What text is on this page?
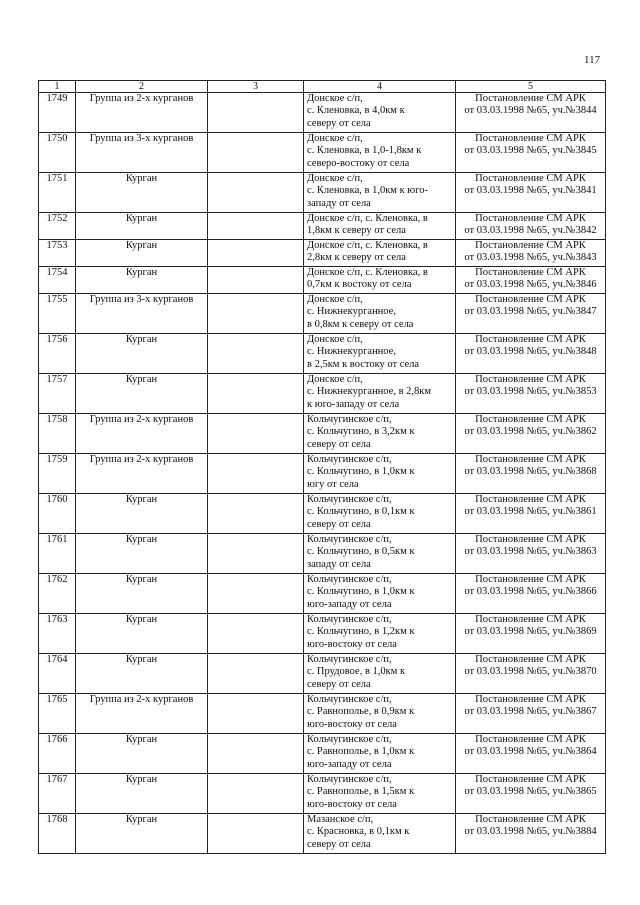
117
1	2	3	4	5
1749	Группа из 2-х курганов		Донское с/п,
с. Кленовка, в 4,0км к
северу от села	Постановление СМ АРК
от 03.03.1998 №65, уч.№3844

1750	Группа из 3-х курганов		Донское с/п,
с. Кленовка, в 1,0-1,8км к
северо-востоку от села	Постановление СМ АРК
от 03.03.1998 №65, уч.№3845

1751	Курган		Донское с/п,
с. Кленовка, в 1,0км к юго-
западу от села	Постановление СМ АРК
от 03.03.1998 №65, уч.№3841

1752	Курган		Донское с/п, с. Кленовка, в
1,8км к северу от села	Постановление СМ АРК
от 03.03.1998 №65, уч.№3842

1753	Курган		Донское с/п, с. Кленовка, в
2,8км к северу от села	Постановление СМ АРК
от 03.03.1998 №65, уч.№3843

1754	Курган		Донское с/п, с. Кленовка, в
0,7км к востоку от села	Постановление СМ АРК
от 03.03.1998 №65, уч.№3846

1755	Группа из 3-х курганов		Донское с/п,
с. Нижнекурганное,
в 0,8км к северу от села	Постановление СМ АРК
от 03.03.1998 №65, уч.№3847

1756	Курган		Донское с/п,
с. Нижнекурганное,
в 2,5км к востоку от села	Постановление СМ АРК
от 03.03.1998 №65, уч.№3848

1757	Курган		Донское с/п,
с. Нижнекурганное, в 2,8км
к юго-западу от села	Постановление СМ АРК
от 03.03.1998 №65, уч.№3853

1758	Группа из 2-х курганов		Кольчугинское с/п,
с. Кольчугино, в 3,2км к
северу от села	Постановление СМ АРК
от 03.03.1998 №65, уч.№3862

1759	Группа из 2-х курганов		Кольчугинское с/п,
с. Кольчугино, в 1,0км к
югу от села	Постановление СМ АРК
от 03.03.1998 №65, уч.№3868

1760	Курган		Кольчугинское с/п,
с. Кольчугино, в 0,1км к
северу от села	Постановление СМ АРК
от 03.03.1998 №65, уч.№3861

1761	Курган		Кольчугинское с/п,
с. Кольчугино, в 0,5км к
западу от села	Постановление СМ АРК
от 03.03.1998 №65, уч.№3863

1762	Курган		Кольчугинское с/п,
с. Кольчугино, в 1,0км к
юго-западу от села	Постановление СМ АРК
от 03.03.1998 №65, уч.№3866

1763	Курган		Кольчугинское с/п,
с. Кольчугино, в 1,2км к
юго-востоку от села	Постановление СМ АРК
от 03.03.1998 №65, уч.№3869

1764	Курган		Кольчугинское с/п,
с. Прудовое, в 1,0км к
северу от села	Постановление СМ АРК
от 03.03.1998 №65, уч.№3870

1765	Группа из 2-х курганов		Кольчугинское с/п,
с. Равнополье, в 0,9км к
юго-востоку от села	Постановление СМ АРК
от 03.03.1998 №65, уч.№3867

1766	Курган		Кольчугинское с/п,
с. Равнополье, в 1,0км к
юго-западу от села	Постановление СМ АРК
от 03.03.1998 №65, уч.№3864

1767	Курган		Кольчугинское с/п,
с. Равнополье, в 1,5км к
юго-востоку от села	Постановление СМ АРК
от 03.03.1998 №65, уч.№3865

1768	Курган		Мазанское с/п,
с. Красновка, в 0,1км к
северу от села	Постановление СМ АРК
от 03.03.1998 №65, уч.№3884
